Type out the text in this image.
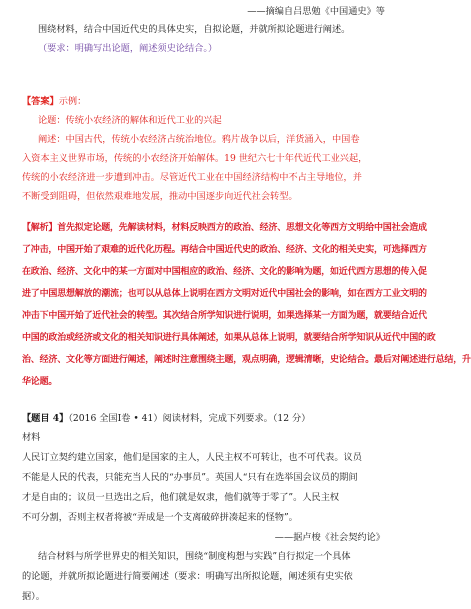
——摘编自吕思勉《中国通史》等
围绕材料，结合中国近代史的具体史实，自拟论题，并就所拟论题进行阐述。
（要求：明确写出论题，阐述须史论结合。）
【答案】示例：
论题：传统小农经济的解体和近代工业的兴起
阐述：中国古代，传统小农经济占统治地位。鸦片战争以后，洋货涌入，中国卷
入资本主义世界市场，传统的小农经济开始解体。19 世纪六七十年代近代工业兴起，
传统的小农经济进一步遭到冲击。尽管近代工业在中国经济结构中不占主导地位，并
不断受到阻碍，但依然艰难地发展，推动中国逐步向近代社会转型。
【解析】首先拟定论题，先解读材料，材料反映西方的政治、经济、思想文化等西方文明给中国社会造成
了冲击，中国开始了艰难的近代化历程。再结合中国近代史的政治、经济、文化的相关史实，可选择西方
在政治、经济、文化中的某一方面对中国相应的政治、经济、文化的影响为题，如近代西方思想的传入促
进了中国思想解放的潮流；也可以从总体上说明在西方文明对近代中国社会的影响，如在西方工业文明的
冲击下中国开始了近代社会的转型。其次结合所学知识进行说明，如果选择某一方面为题，就要结合近代
中国的政治或经济或文化的相关知识进行具体阐述，如果从总体上说明，就要结合所学知识从近代中国的政
治、经济、文化等方面进行阐述，阐述时注意围绕主题，观点明确，逻辑清晰，史论结合。最后对阐述进行总结，升
华论题。
【题目 4】（2016 全国Ⅰ卷 • 41）阅读材料，完成下列要求。（12 分）
材料
人民订立契约建立国家，他们是国家的主人，人民主权不可转让，也不可代表。议员
不能是人民的代表，只能充当人民的“办事员”。英国人“只有在选举国会议员的期间
才是自由的；议员一旦选出之后，他们就是奴隶，他们就等于零了”。人民主权
不可分割，否则主权者将被“弄成是一个支离破碎拼凑起来的怪物”。
——据卢梭《社会契约论》
结合材料与所学世界史的相关知识，围绕“制度构想与实践”自行拟定一个具体
的论题，并就所拟论题进行简要阐述（要求：明确写出所拟论题，阐述须有史实依
据）。
